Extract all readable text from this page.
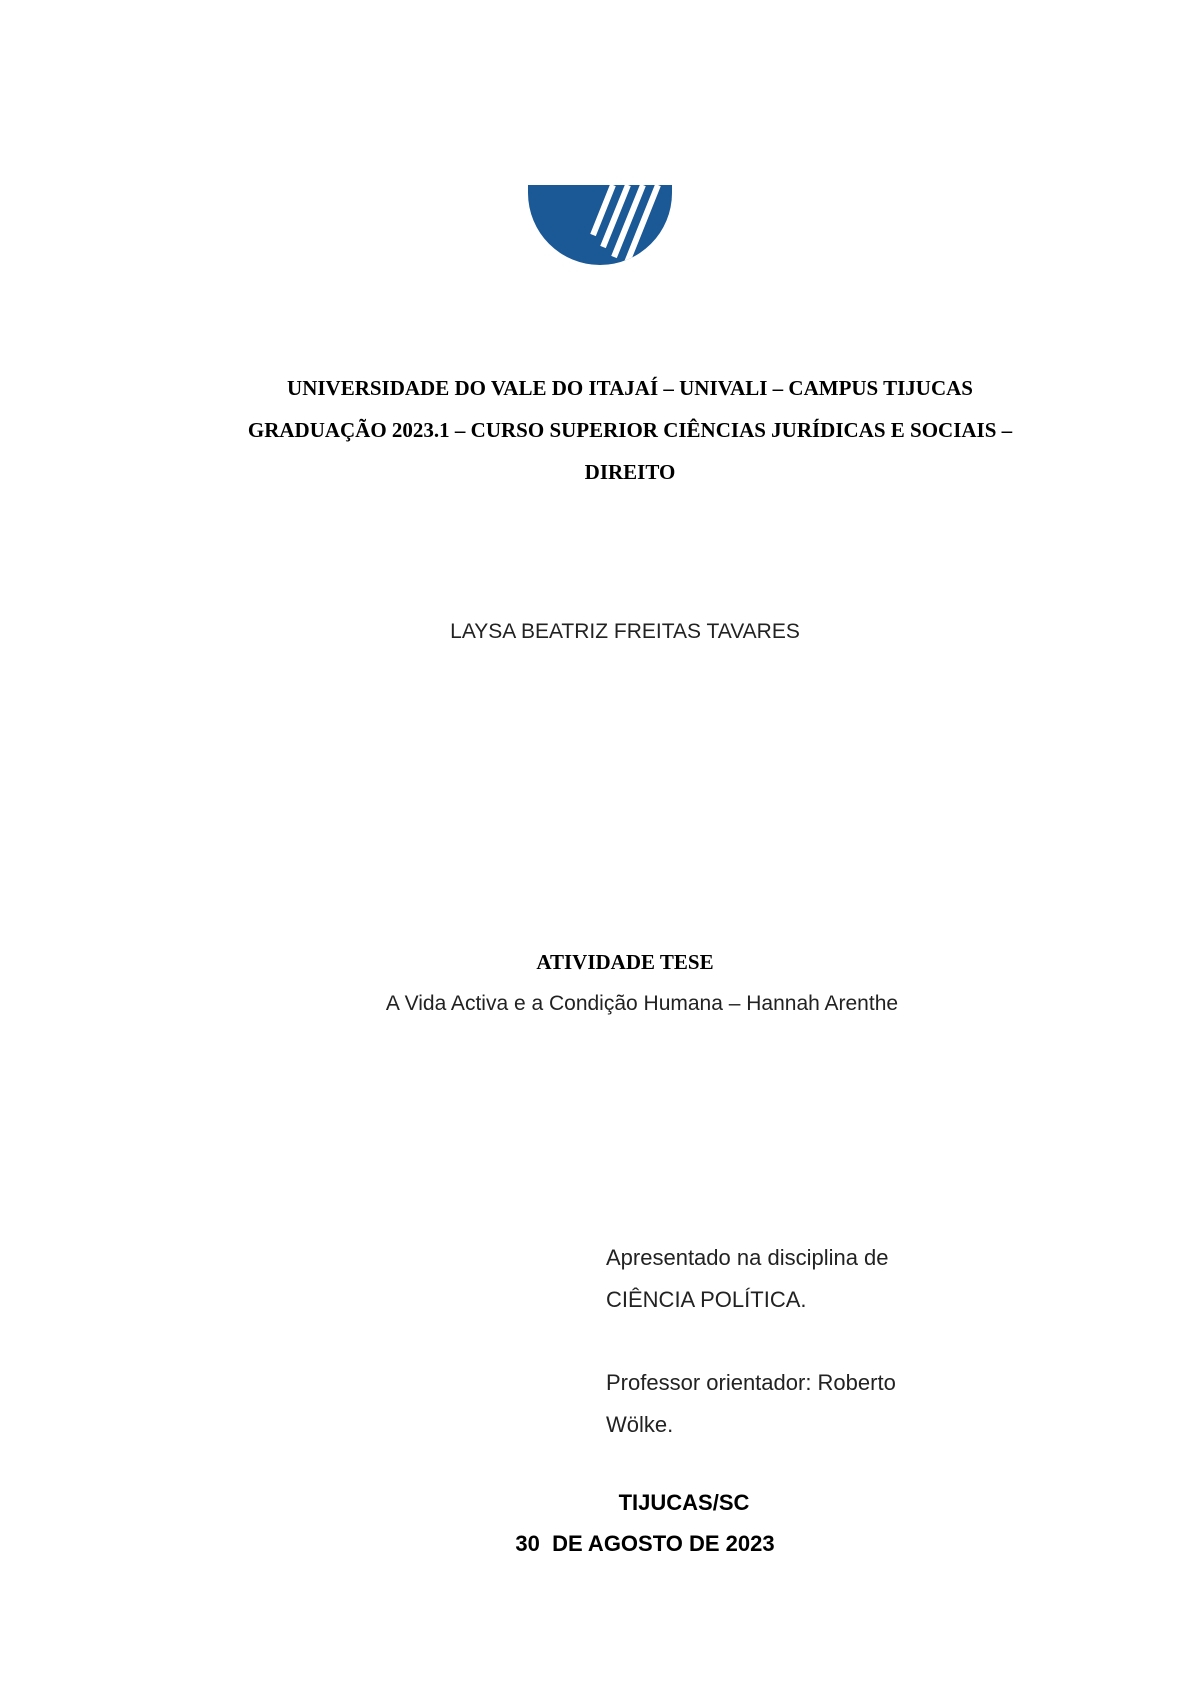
UNIVERSIDADE DO VALE DO ITAJAÍ – UNIVALI – CAMPUS TIJUCAS
GRADUAÇÃO 2023.1 – CURSO SUPERIOR CIÊNCIAS JURÍDICAS E SOCIAIS –
DIREITO
LAYSA BEATRIZ FREITAS TAVARES
ATIVIDADE TESE
A Vida Activa e a Condição Humana – Hannah Arenthe
Apresentado na disciplina de
CIÊNCIA POLÍTICA.
Professor orientador: Roberto
Wölke.
TIJUCAS/SC
30  DE AGOSTO DE 2023
